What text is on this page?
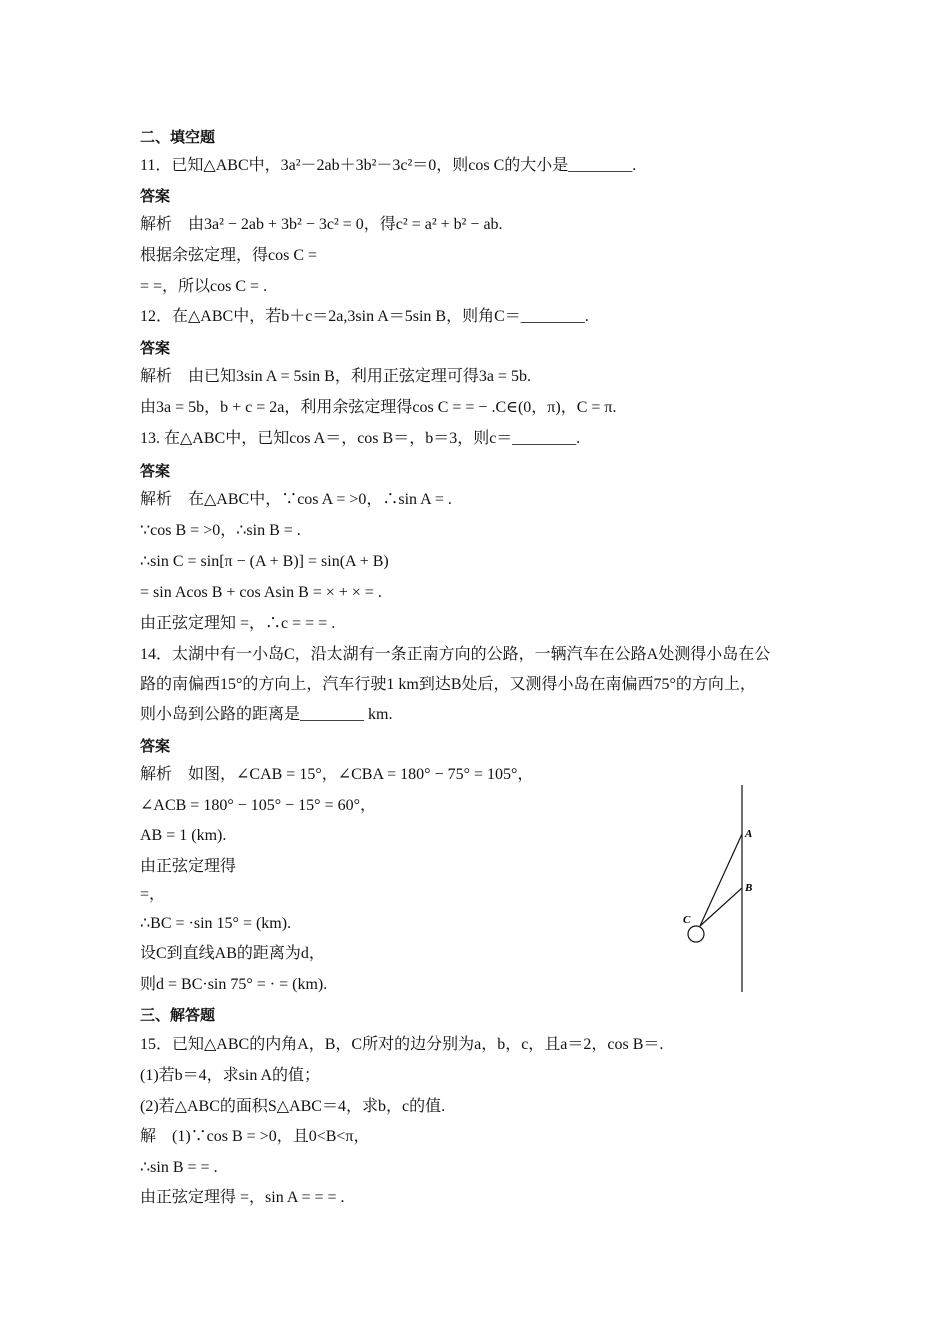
二、填空题
11．已知△ABC中，3a²－2ab＋3b²－3c²＝0，则cos C的大小是________.
答案
解析　由3a² − 2ab + 3b² − 3c² = 0，得c² = a² + b² − ab.
根据余弦定理，得cos C =
= =，所以cos C = .
12．在△ABC中，若b＋c＝2a,3sin A＝5sin B，则角C＝________.
答案
解析　由已知3sin A = 5sin B，利用正弦定理可得3a = 5b.
由3a = 5b，b + c = 2a，利用余弦定理得cos C = = − .C∈(0，π)，C = π.
13. 在△ABC中，已知cos A＝，cos B＝，b＝3，则c＝________.
答案
解析　在△ABC中，∵cos A = >0，∴sin A = .
∵cos B = >0，∴sin B = .
∴sin C = sin[π − (A + B)] = sin(A + B)
= sin Acos B + cos Asin B = × + × = .
由正弦定理知 =，∴c = = = .
14．太湖中有一小岛C，沿太湖有一条正南方向的公路，一辆汽车在公路A处测得小岛在公
路的南偏西15°的方向上，汽车行驶1 km到达B处后，又测得小岛在南偏西75°的方向上，
则小岛到公路的距离是________ km.
答案
解析　如图，∠CAB = 15°，∠CBA = 180° − 75° = 105°，
∠ACB = 180° − 105° − 15° = 60°，
AB = 1 (km).
由正弦定理得
=，
∴BC = ·sin 15° = (km).
设C到直线AB的距离为d，
则d = BC·sin 75° = · = (km).
三、解答题
15．已知△ABC的内角A，B，C所对的边分别为a，b，c，且a＝2，cos B＝.
(1)若b＝4，求sin A的值；
(2)若△ABC的面积S△ABC＝4，求b，c的值.
解　(1)∵cos B = >0，且0<B<π，
∴sin B = = .
由正弦定理得 =，sin A = = = .
A
B
C
